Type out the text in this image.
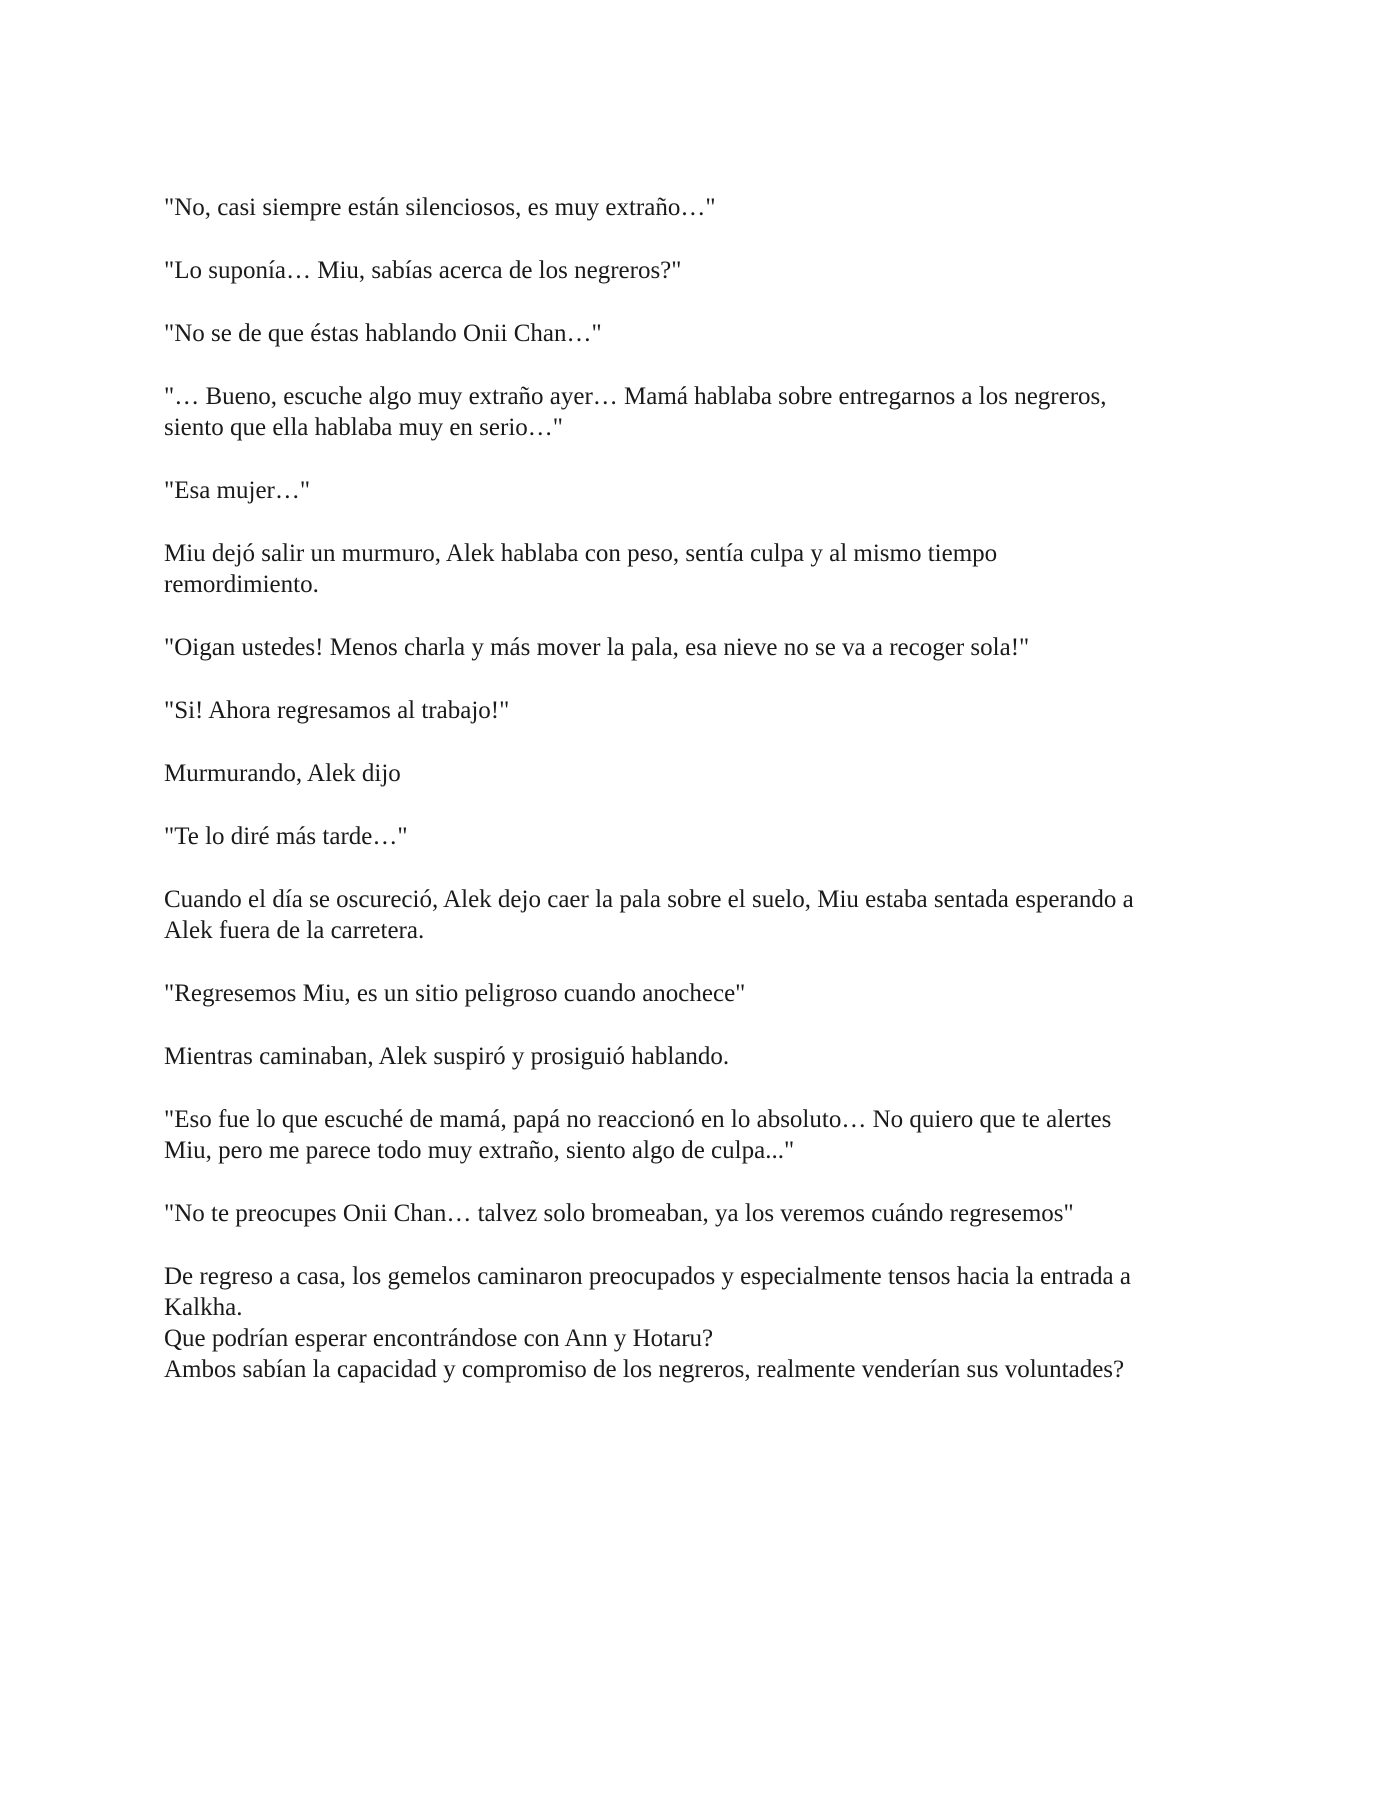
"No, casi siempre están silenciosos, es muy extraño…"

"Lo suponía… Miu, sabías acerca de los negreros?"

"No se de que éstas hablando Onii Chan…"

"… Bueno, escuche algo muy extraño ayer… Mamá hablaba sobre entregarnos a los negreros,
siento que ella hablaba muy en serio…"

"Esa mujer…"

Miu dejó salir un murmuro, Alek hablaba con peso, sentía culpa y al mismo tiempo
remordimiento.

"Oigan ustedes! Menos charla y más mover la pala, esa nieve no se va a recoger sola!"

"Si! Ahora regresamos al trabajo!"

Murmurando, Alek dijo

"Te lo diré más tarde…"

Cuando el día se oscureció, Alek dejo caer la pala sobre el suelo, Miu estaba sentada esperando a
Alek fuera de la carretera.

"Regresemos Miu, es un sitio peligroso cuando anochece"

Mientras caminaban, Alek suspiró y prosiguió hablando.

"Eso fue lo que escuché de mamá, papá no reaccionó en lo absoluto… No quiero que te alertes
Miu, pero me parece todo muy extraño, siento algo de culpa..."

"No te preocupes Onii Chan… talvez solo bromeaban, ya los veremos cuándo regresemos"

De regreso a casa, los gemelos caminaron preocupados y especialmente tensos hacia la entrada a
Kalkha.
Que podrían esperar encontrándose con Ann y Hotaru?
Ambos sabían la capacidad y compromiso de los negreros, realmente venderían sus voluntades?
